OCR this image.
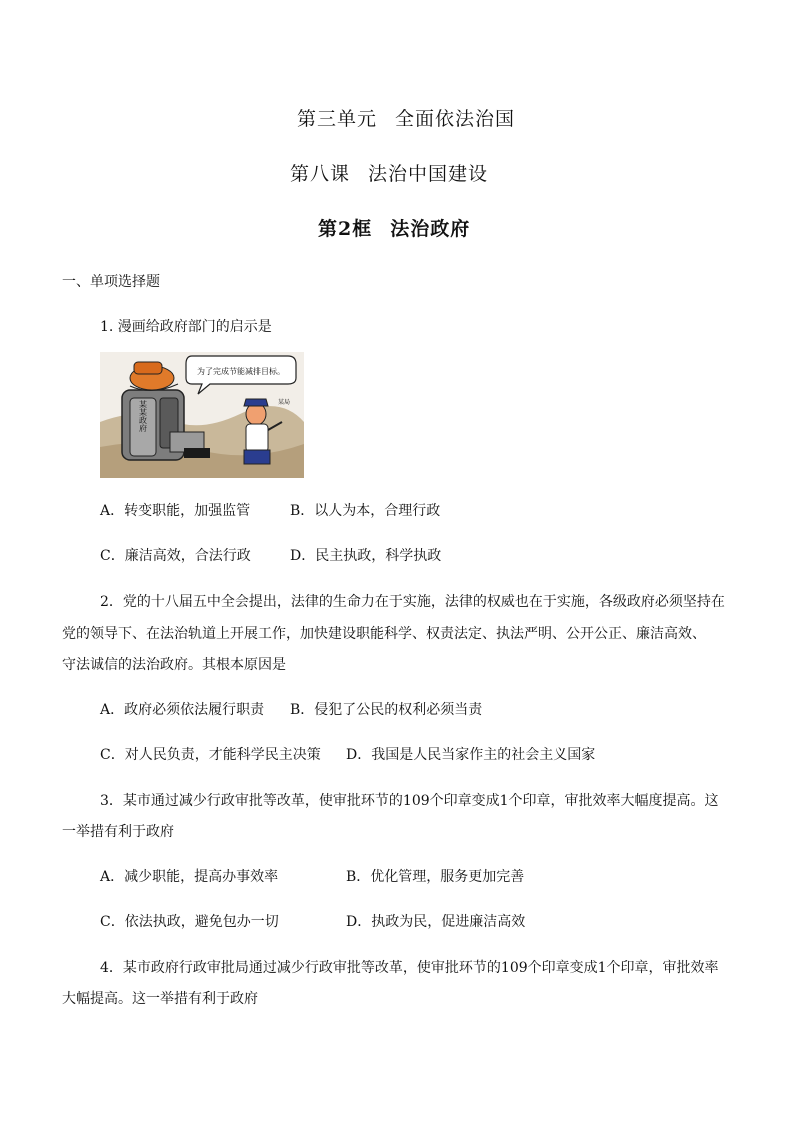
第三单元 全面依法治国
第八课 法治中国建设
第2框 法治政府
一、单项选择题
1. 漫画给政府部门的启示是
某某政府
为了完成节能减排目标。
某局
A．转变职能，加强监管	B．以人为本，合理行政
C．廉洁高效，合法行政	D．民主执政，科学执政
2．党的十八届五中全会提出，法律的生命力在于实施，法律的权威也在于实施，各级政府必须坚持在
党的领导下、在法治轨道上开展工作，加快建设职能科学、权责法定、执法严明、公开公正、廉洁高效、
守法诚信的法治政府。其根本原因是
A．政府必须依法履行职责 B．侵犯了公民的权利必须当责
C．对人民负责，才能科学民主决策 D．我国是人民当家作主的社会主义国家
3．某市通过减少行政审批等改革，使审批环节的109个印章变成1个印章，审批效率大幅度提高。这
一举措有利于政府
A．减少职能，提高办事效率	B．优化管理，服务更加完善
C．依法执政，避免包办一切	D．执政为民，促进廉洁高效
4．某市政府行政审批局通过减少行政审批等改革，使审批环节的109个印章变成1个印章，审批效率
大幅提高。这一举措有利于政府
